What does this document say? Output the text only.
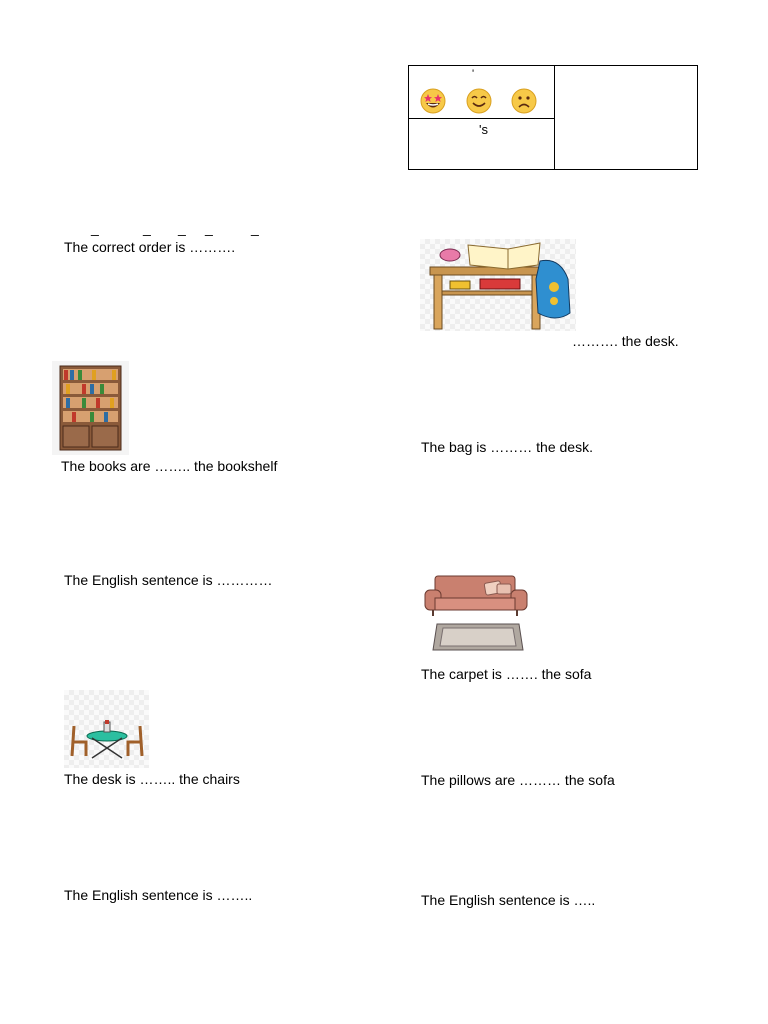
'
's
_	_ _ _	_
The correct order is ……….
………. the desk.
The books are …….. the bookshelf
The bag is ……… the desk.
The English sentence is …………
The carpet is ……. the sofa
The desk is …….. the chairs	The pillows are ……… the sofa
The English sentence is ……..	The English sentence is …..
